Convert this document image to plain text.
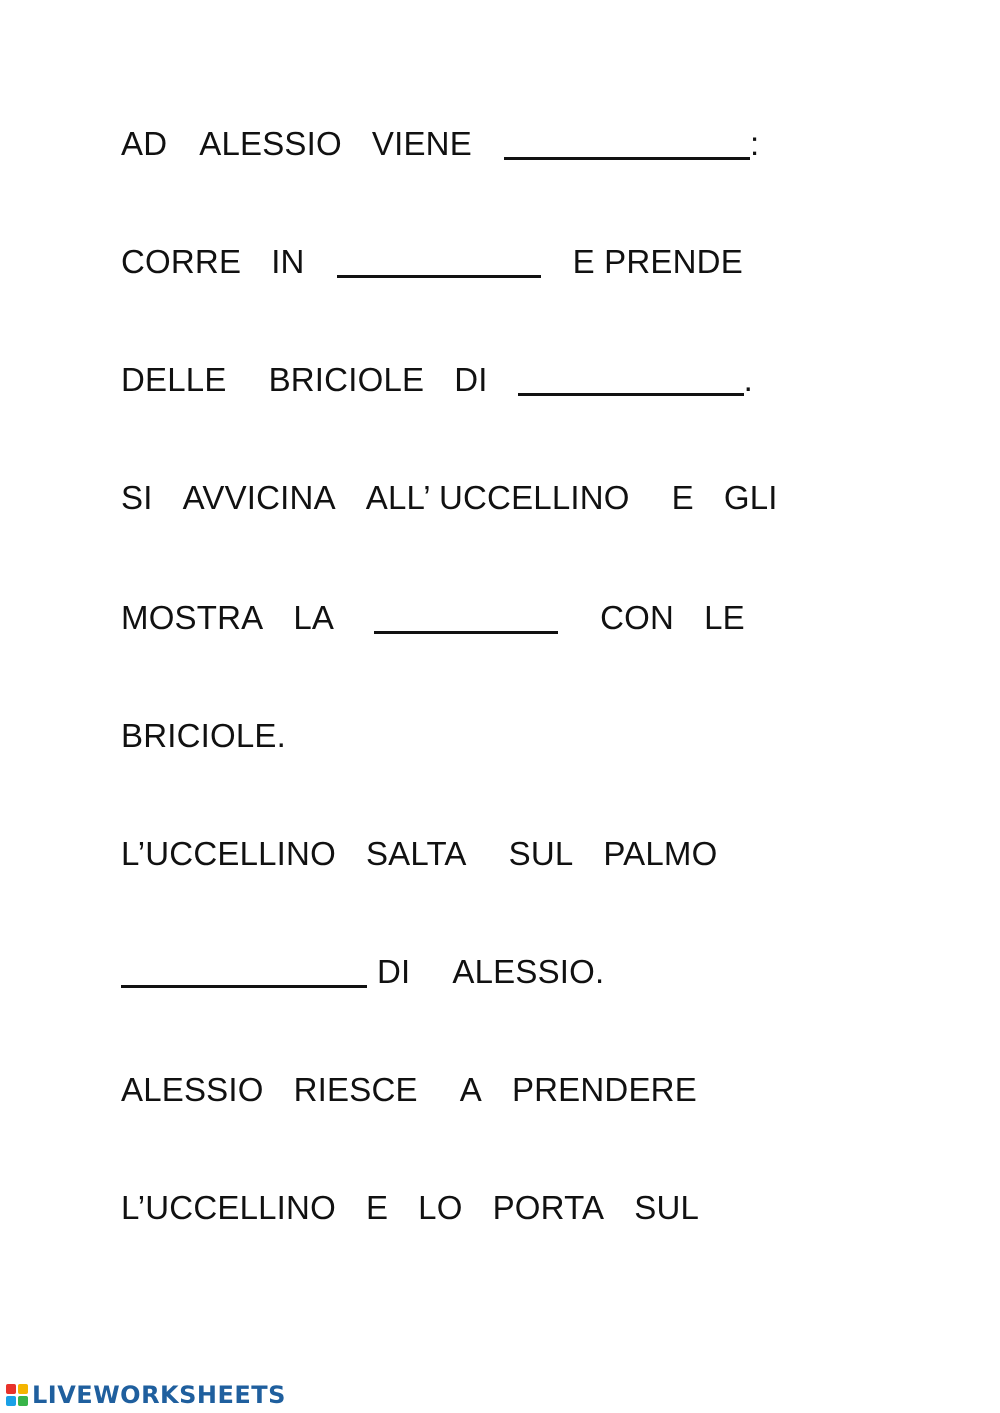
AD ALESSIO VIENE	:
CORRE IN	E PRENDE
DELLE BRICIOLE DI	.
SI AVVICINA ALL’ UCCELLINO E GLI
MOSTRA LA	CON LE
BRICIOLE.
L’UCCELLINO SALTA SUL PALMO
DI ALESSIO.
ALESSIO RIESCE A PRENDERE
L’UCCELLINO E LO PORTA SUL
LIVEWORKSHEETS
